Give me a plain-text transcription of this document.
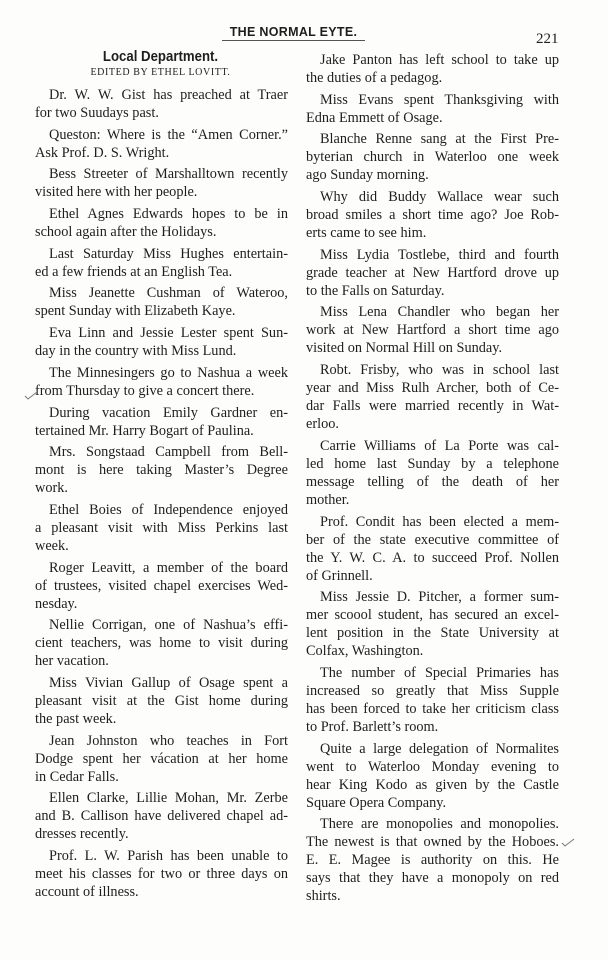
THE NORMAL EYTE.	221
Local Department.
EDITED BY ETHEL LOVITT.
Dr. W. W. Gist has preached at Traer
for two Suudays past.
Queston: Where is the “Amen Corner.”
Ask Prof. D. S. Wright.
Bess Streeter of Marshalltown recently
visited here with her people.
Ethel Agnes Edwards hopes to be in
school again after the Holidays.
Last Saturday Miss Hughes entertain-
ed a few friends at an English Tea.
Miss Jeanette Cushman of Wateroo,
spent Sunday with Elizabeth Kaye.
Eva Linn and Jessie Lester spent Sun-
day in the country with Miss Lund.
The Minnesingers go to Nashua a week
from Thursday to give a concert there.
During vacation Emily Gardner en-
tertained Mr. Harry Bogart of Paulina.
Mrs. Songstaad Campbell from Bell-
mont is here taking Master’s Degree
work.
Ethel Boies of Independence enjoyed
a pleasant visit with Miss Perkins last
week.
Roger Leavitt, a member of the board
of trustees, visited chapel exercises Wed-
nesday.
Nellie Corrigan, one of Nashua’s effi-
cient teachers, was home to visit during
her vacation.
Miss Vivian Gallup of Osage spent a
pleasant visit at the Gist home during
the past week.
Jean Johnston who teaches in Fort
Dodge spent her vácation at her home
in Cedar Falls.
Ellen Clarke, Lillie Mohan, Mr. Zerbe
and B. Callison have delivered chapel ad-
dresses recently.
Prof. L. W. Parish has been unable to
meet his classes for two or three days on
account of illness.
Jake Panton has left school to take up
the duties of a pedagog.
Miss Evans spent Thanksgiving with
Edna Emmett of Osage.
Blanche Renne sang at the First Pre-
byterian church in Waterloo one week
ago Sunday morning.
Why did Buddy Wallace wear such
broad smiles a short time ago? Joe Rob-
erts came to see him.
Miss Lydia Tostlebe, third and fourth
grade teacher at New Hartford drove up
to the Falls on Saturday.
Miss Lena Chandler who began her
work at New Hartford a short time ago
visited on Normal Hill on Sunday.
Robt. Frisby, who was in school last
year and Miss Rulh Archer, both of Ce-
dar Falls were married recently in Wat-
erloo.
Carrie Williams of La Porte was cal-
led home last Sunday by a telephone
message telling of the death of her
mother.
Prof. Condit has been elected a mem-
ber of the state executive committee of
the Y. W. C. A. to succeed Prof. Nollen
of Grinnell.
Miss Jessie D. Pitcher, a former sum-
mer scoool student, has secured an excel-
lent position in the State University at
Colfax, Washington.
The number of Special Primaries has
increased so greatly that Miss Supple
has been forced to take her criticism class
to Prof. Barlett’s room.
Quite a large delegation of Normalites
went to Waterloo Monday evening to
hear King Kodo as given by the Castle
Square Opera Company.
There are monopolies and monopolies.
The newest is that owned by the Hoboes.
E. E. Magee is authority on this. He
says that they have a monopoly on red
shirts.
